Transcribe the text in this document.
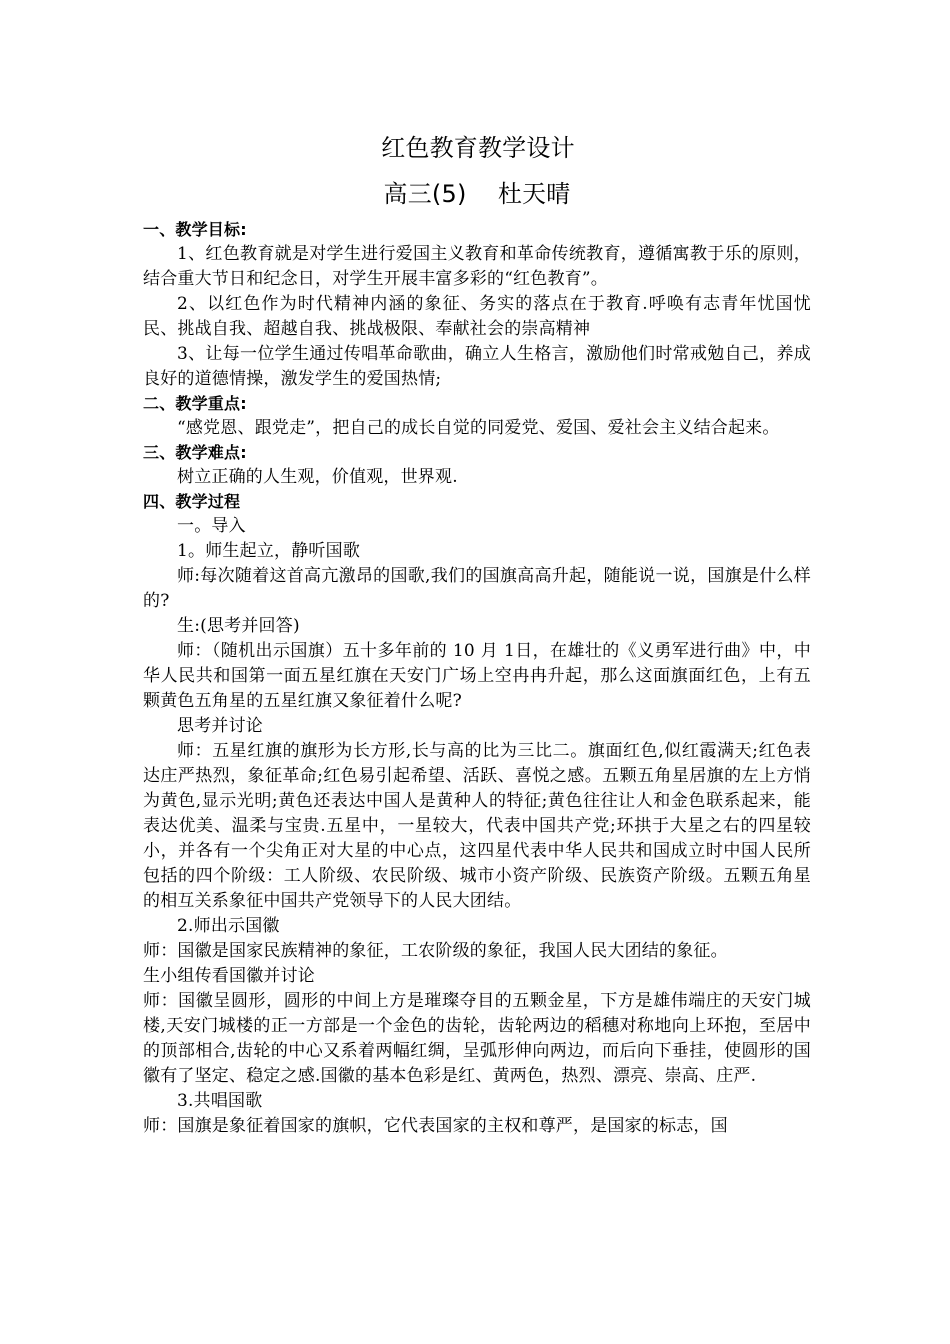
红色教育教学设计
高三(5)    杜天晴
一、教学目标:

1、红色教育就是对学生进行爱国主义教育和革命传统教育，遵循寓教于乐的原则，结合重大节日和纪念日，对学生开展丰富多彩的“红色教育”。

2、以红色作为时代精神内涵的象征、务实的落点在于教育.呼唤有志青年忧国忧民、挑战自我、超越自我、挑战极限、奉献社会的崇高精神

3、让每一位学生通过传唱革命歌曲，确立人生格言，激励他们时常戒勉自己，养成良好的道德情操，激发学生的爱国热情;

二、教学重点:

“感党恩、跟党走”，把自己的成长自觉的同爱党、爱国、爱社会主义结合起来。

三、教学难点:

树立正确的人生观，价值观，世界观.

四、教学过程

一。导入

1。师生起立，静听国歌

师:每次随着这首高亢激昂的国歌,我们的国旗高高升起，随能说一说，国旗是什么样的?

生:(思考并回答)

师：（随机出示国旗）五十多年前的 10 月 1日，在雄壮的《义勇军进行曲》中，中华人民共和国第一面五星红旗在天安门广场上空冉冉升起，那么这面旗面红色，上有五颗黄色五角星的五星红旗又象征着什么呢?

思考并讨论

师：五星红旗的旗形为长方形,长与高的比为三比二。旗面红色,似红霞满天;红色表达庄严热烈，象征革命;红色易引起希望、活跃、喜悦之感。五颗五角星居旗的左上方悄为黄色,显示光明;黄色还表达中国人是黄种人的特征;黄色往往让人和金色联系起来，能表达优美、温柔与宝贵.五星中，一星较大，代表中国共产党;环拱于大星之右的四星较小，并各有一个尖角正对大星的中心点，这四星代表中华人民共和国成立时中国人民所包括的四个阶级：工人阶级、农民阶级、城市小资产阶级、民族资产阶级。五颗五角星的相互关系象征中国共产党领导下的人民大团结。

2.师出示国徽

师：国徽是国家民族精神的象征，工农阶级的象征，我国人民大团结的象征。

生小组传看国徽并讨论

师：国徽呈圆形，圆形的中间上方是璀璨夺目的五颗金星，下方是雄伟端庄的天安门城楼,天安门城楼的正一方部是一个金色的齿轮，齿轮两边的稻穗对称地向上环抱，至居中的顶部相合,齿轮的中心又系着两幅红绸，呈弧形伸向两边，而后向下垂挂，使圆形的国徽有了坚定、稳定之感.国徽的基本色彩是红、黄两色，热烈、漂亮、崇高、庄严.

3.共唱国歌

师：国旗是象征着国家的旗帜，它代表国家的主权和尊严，是国家的标志，国
